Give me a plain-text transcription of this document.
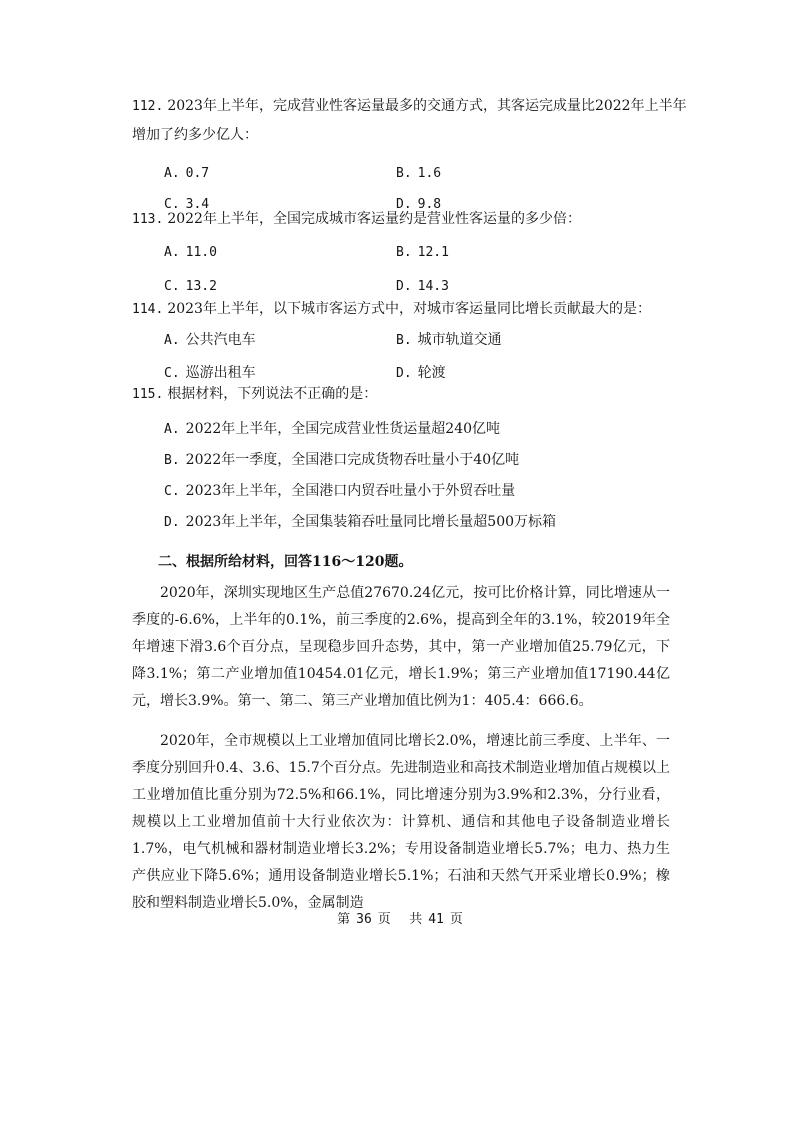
112. 2023年上半年，完成营业性客运量最多的交通方式，其客运完成量比2022年上半年增加了约多少亿人：

A. 0.7	B. 1.6
C. 3.4	D. 9.8

113. 2022年上半年，全国完成城市客运量约是营业性客运量的多少倍：

A. 11.0	B. 12.1
C. 13.2	D. 14.3

114. 2023年上半年，以下城市客运方式中，对城市客运量同比增长贡献最大的是：

A. 公共汽电车	B. 城市轨道交通
C. 巡游出租车	D. 轮渡

115. 根据材料，下列说法不正确的是：

A. 2022年上半年，全国完成营业性货运量超240亿吨
B. 2022年一季度，全国港口完成货物吞吐量小于40亿吨
C. 2023年上半年，全国港口内贸吞吐量小于外贸吞吐量
D. 2023年上半年，全国集装箱吞吐量同比增长量超500万标箱
二、根据所给材料，回答116～120题。

2020年，深圳实现地区生产总值27670.24亿元，按可比价格计算，同比增速从一季度的-6.6%，上半年的0.1%，前三季度的2.6%，提高到全年的3.1%，较2019年全年增速下滑3.6个百分点，呈现稳步回升态势，其中，第一产业增加值25.79亿元，下降3.1%；第二产业增加值10454.01亿元，增长1.9%；第三产业增加值17190.44亿元，增长3.9%。第一、第二、第三产业增加值比例为1：405.4：666.6。

2020年，全市规模以上工业增加值同比增长2.0%，增速比前三季度、上半年、一季度分别回升0.4、3.6、15.7个百分点。先进制造业和高技术制造业增加值占规模以上工业增加值比重分别为72.5%和66.1%，同比增速分别为3.9%和2.3%，分行业看，规模以上工业增加值前十大行业依次为：计算机、通信和其他电子设备制造业增长1.7%，电气机械和器材制造业增长3.2%；专用设备制造业增长5.7%；电力、热力生产供应业下降5.6%；通用设备制造业增长5.1%；石油和天然气开采业增长0.9%；橡胶和塑料制造业增长5.0%，金属制造

第 36 页 共 41 页
